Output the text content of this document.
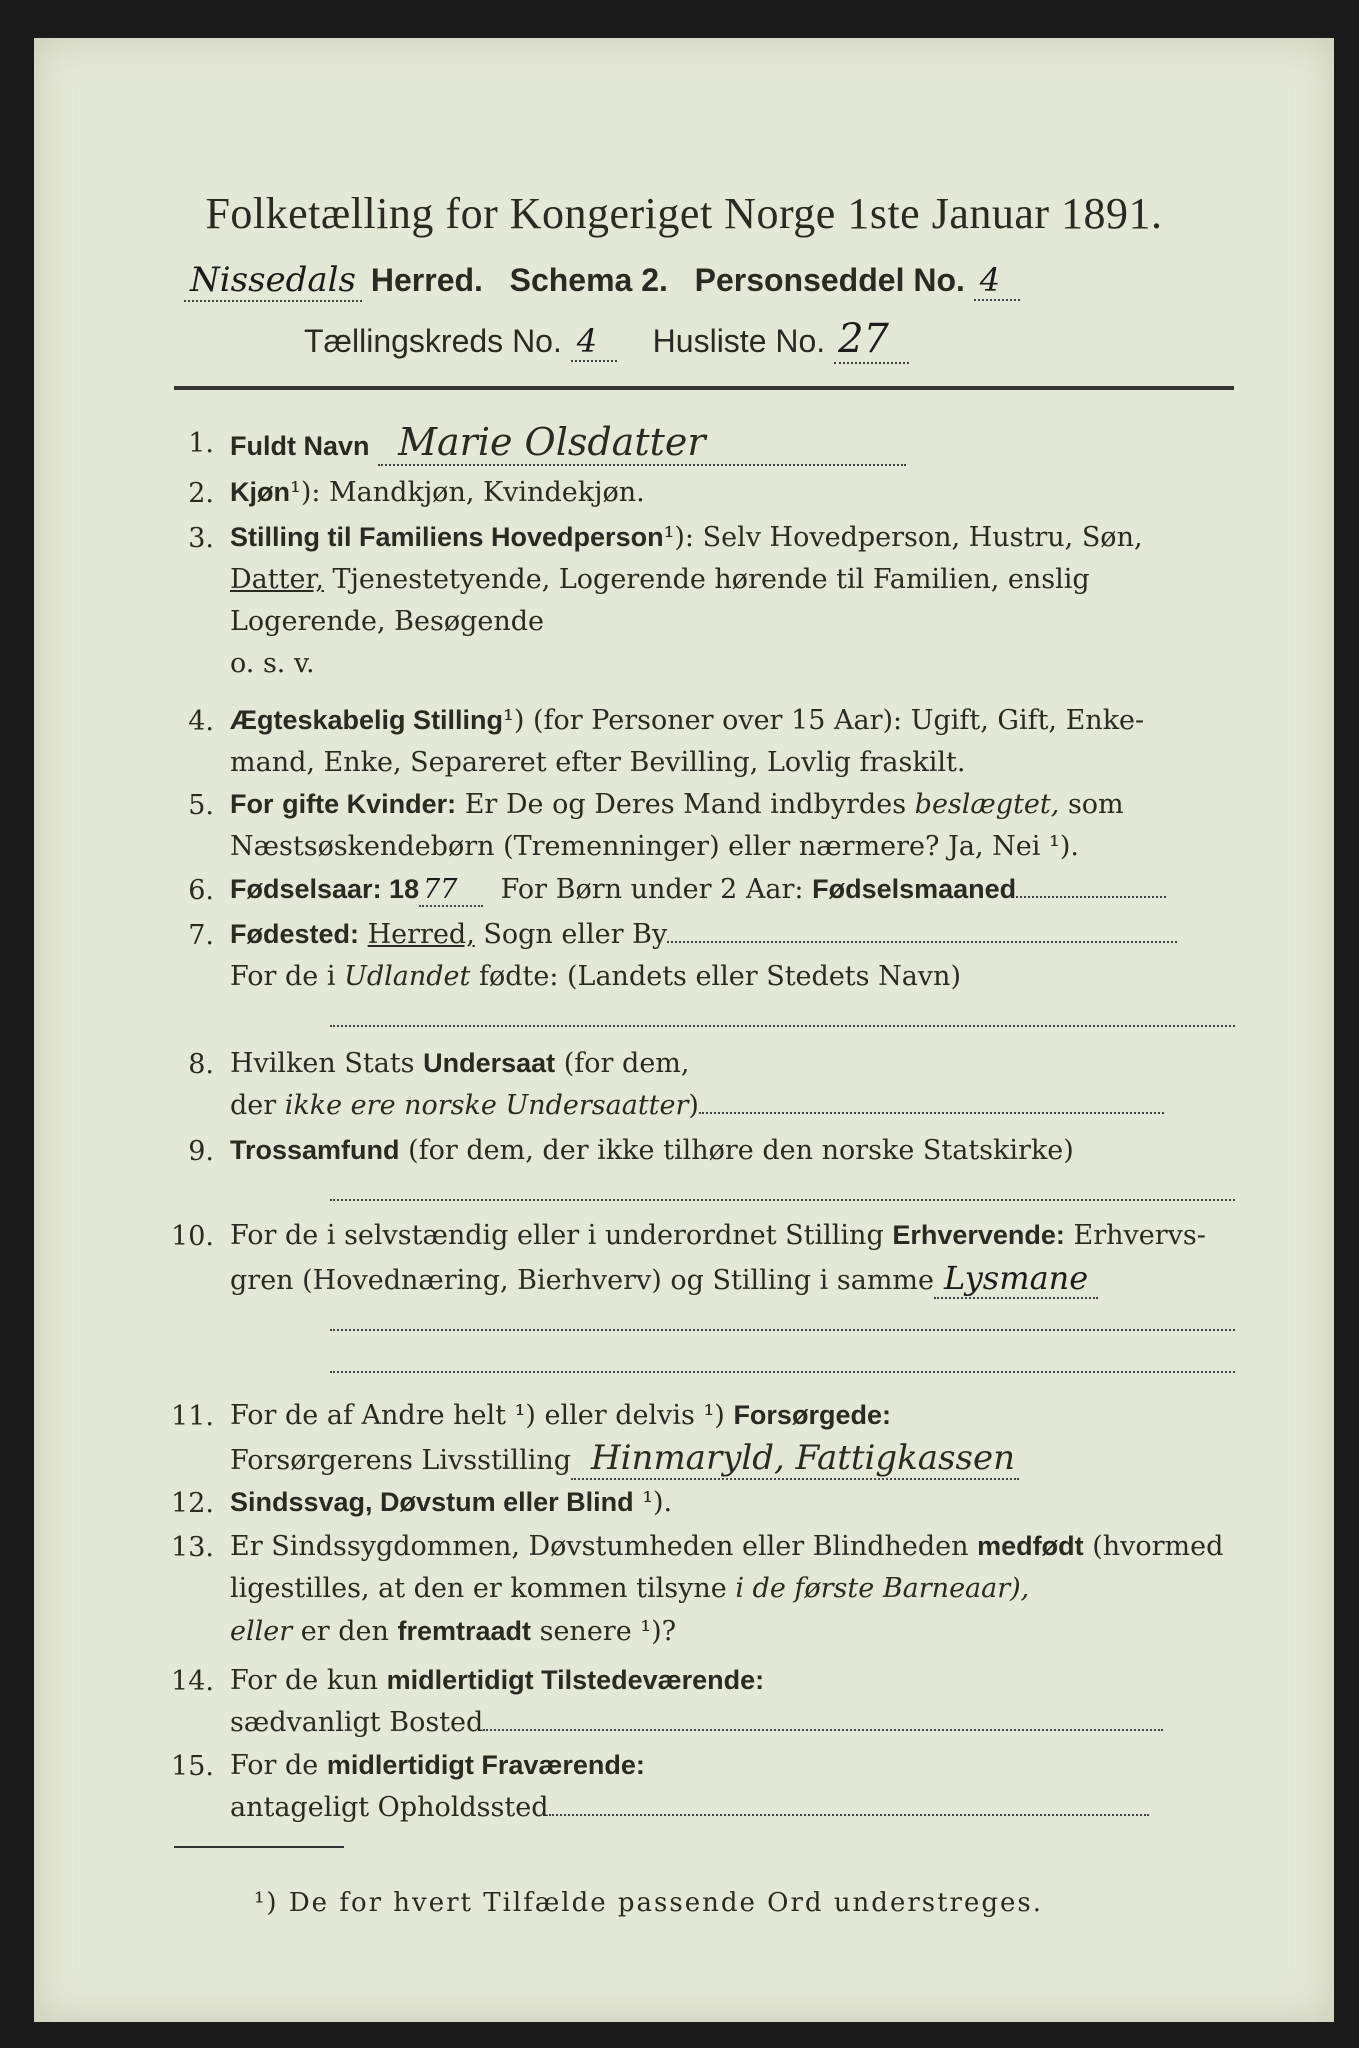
Folketælling for Kongeriget Norge 1ste Januar 1891.
Nissedals Herred. Schema 2. Personseddel No. 4
Tællingskreds No. 4 Husliste No. 27
1. Fuldt Navn Marie Olsdatter
2. Kjøn¹): Mandkjøn, Kvindekjøn.
3. Stilling til Familiens Hovedperson¹): Selv Hovedperson, Hustru, Søn,
Datter, Tjenestetyende, Logerende hørende til Familien, enslig
Logerende, Besøgende
o. s. v.
4. Ægteskabelig Stilling¹) (for Personer over 15 Aar): Ugift, Gift, Enke-
mand, Enke, Separeret efter Bevilling, Lovlig fraskilt.
5. For gifte Kvinder: Er De og Deres Mand indbyrdes beslægtet, som
Næstsøskendebørn (Tremenninger) eller nærmere? Ja, Nei ¹).
6. Fødselsaar: 18 77 For Børn under 2 Aar: Fødselsmaaned
7. Fødested: Herred, Sogn eller By
For de i Udlandet fødte: (Landets eller Stedets Navn)

8. Hvilken Stats Undersaat (for dem,
der ikke ere norske Undersaatter)
9. Trossamfund (for dem, der ikke tilhøre den norske Statskirke)

10. For de i selvstændig eller i underordnet Stilling Erhvervende: Erhvervs-
gren (Hovednæring, Bierhverv) og Stilling i samme Lysmane

11. For de af Andre helt ¹) eller delvis ¹) Forsørgede:
Forsørgerens Livsstilling Hinmaryld, Fattigkassen
12. Sindssvag, Døvstum eller Blind ¹).
13. Er Sindssygdommen, Døvstumheden eller Blindheden medfødt (hvormed
ligestilles, at den er kommen tilsyne i de første Barneaar),
eller er den fremtraadt senere ¹)?
14. For de kun midlertidigt Tilstedeværende:
sædvanligt Bosted
15. For de midlertidigt Fraværende:
antageligt Opholdssted
¹) De for hvert Tilfælde passende Ord understreges.
